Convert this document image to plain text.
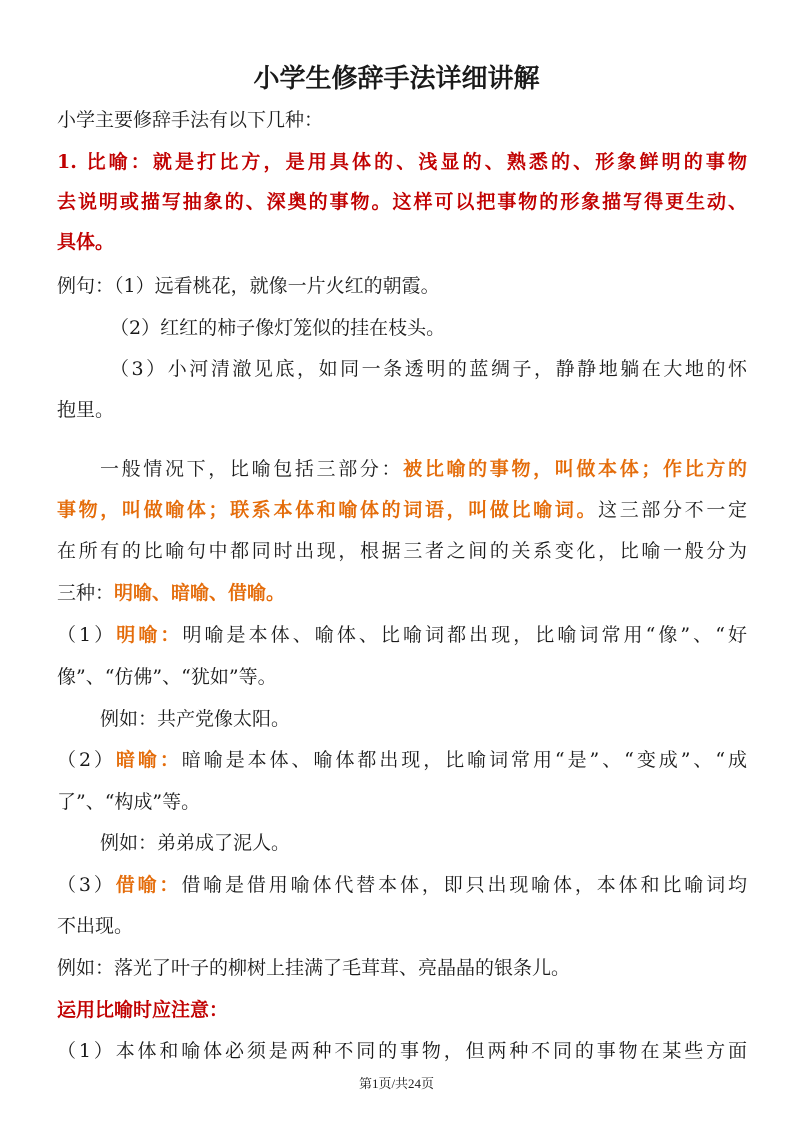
小学生修辞手法详细讲解
小学主要修辞手法有以下几种：
1. 比喻：就是打比方，是用具体的、浅显的、熟悉的、形象鲜明的事物
去说明或描写抽象的、深奥的事物。这样可以把事物的形象描写得更生动、
具体。
例句：（1）远看桃花，就像一片火红的朝霞。
（2）红红的柿子像灯笼似的挂在枝头。
（3）小河清澈见底，如同一条透明的蓝绸子，静静地躺在大地的怀
抱里。
一般情况下，比喻包括三部分：被比喻的事物，叫做本体；作比方的
事物，叫做喻体；联系本体和喻体的词语，叫做比喻词。这三部分不一定
在所有的比喻句中都同时出现，根据三者之间的关系变化，比喻一般分为
三种：明喻、暗喻、借喻。
（1）明喻：明喻是本体、喻体、比喻词都出现，比喻词常用“像”、“好
像”、“仿佛”、“犹如”等。
例如：共产党像太阳。
（2）暗喻：暗喻是本体、喻体都出现，比喻词常用“是”、“变成”、“成
了”、“构成”等。
例如：弟弟成了泥人。
（3）借喻：借喻是借用喻体代替本体，即只出现喻体，本体和比喻词均
不出现。
例如：落光了叶子的柳树上挂满了毛茸茸、亮晶晶的银条儿。
运用比喻时应注意：
（1）本体和喻体必须是两种不同的事物，但两种不同的事物在某些方面
第1页/共24页
